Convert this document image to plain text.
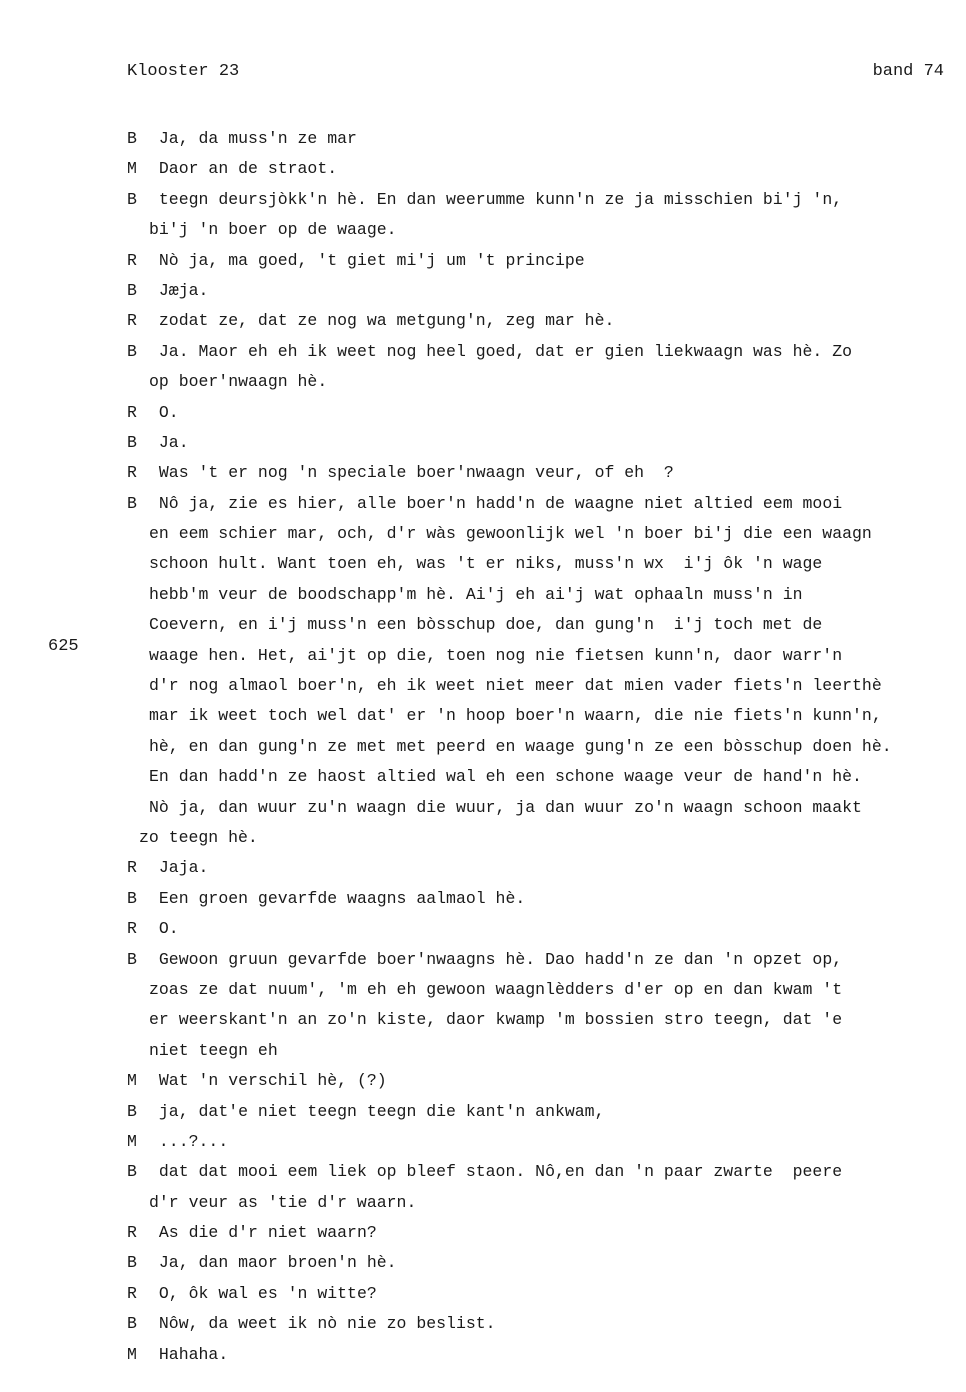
Klooster 23	band 74
625
B Ja, da muss'n ze mar
M Daor an de straot.
B teegn deursjòkk'n hè. En dan weerumme kunn'n ze ja misschien bi'j 'n,
bi'j 'n boer op de waage.
R Nò ja, ma goed, 't giet mi'j um 't principe
B Jæja.
R zodat ze, dat ze nog wa metgung'n, zeg mar hè.
B Ja. Maor eh eh ik weet nog heel goed, dat er gien liekwaagn was hè. Zo
op boer'nwaagn hè.
R O.
B Ja.
R Was 't er nog 'n speciale boer'nwaagn veur, of eh  ?
B Nô ja, zie es hier, alle boer'n hadd'n de waagne niet altied eem mooi
en eem schier mar, och, d'r wàs gewoonlijk wel 'n boer bi'j die een waagn
schoon hult. Want toen eh, was 't er niks, muss'n wx  i'j ôk 'n wage
hebb'm veur de boodschapp'm hè. Ai'j eh ai'j wat ophaaln muss'n in
Coevern, en i'j muss'n een bòsschup doe, dan gung'n  i'j toch met de
waage hen. Het, ai'jt op die, toen nog nie fietsen kunn'n, daor warr'n
d'r nog almaol boer'n, eh ik weet niet meer dat mien vader fiets'n leerthè
mar ik weet toch wel dat' er 'n hoop boer'n waarn, die nie fiets'n kunn'n,
hè, en dan gung'n ze met met peerd en waage gung'n ze een bòsschup doen hè.
En dan hadd'n ze haost altied wal eh een schone waage veur de hand'n hè.
Nò ja, dan wuur zu'n waagn die wuur, ja dan wuur zo'n waagn schoon maakt
zo teegn hè.
R Jaja.
B Een groen gevarfde waagns aalmaol hè.
R O.
B Gewoon gruun gevarfde boer'nwaagns hè. Dao hadd'n ze dan 'n opzet op,
zoas ze dat nuum', 'm eh eh gewoon waagnlèdders d'er op en dan kwam 't
er weerskant'n an zo'n kiste, daor kwamp 'm bossien stro teegn, dat 'e
niet teegn eh
M Wat 'n verschil hè, (?)
B ja, dat'e niet teegn teegn die kant'n ankwam,
M ...?...
B dat dat mooi eem liek op bleef staon. Nô,en dan 'n paar zwarte  peere
d'r veur as 'tie d'r waarn.
R As die d'r niet waarn?
B Ja, dan maor broen'n hè.
R O, ôk wal es 'n witte?
B Nôw, da weet ik nò nie zo beslist.
M Hahaha.
